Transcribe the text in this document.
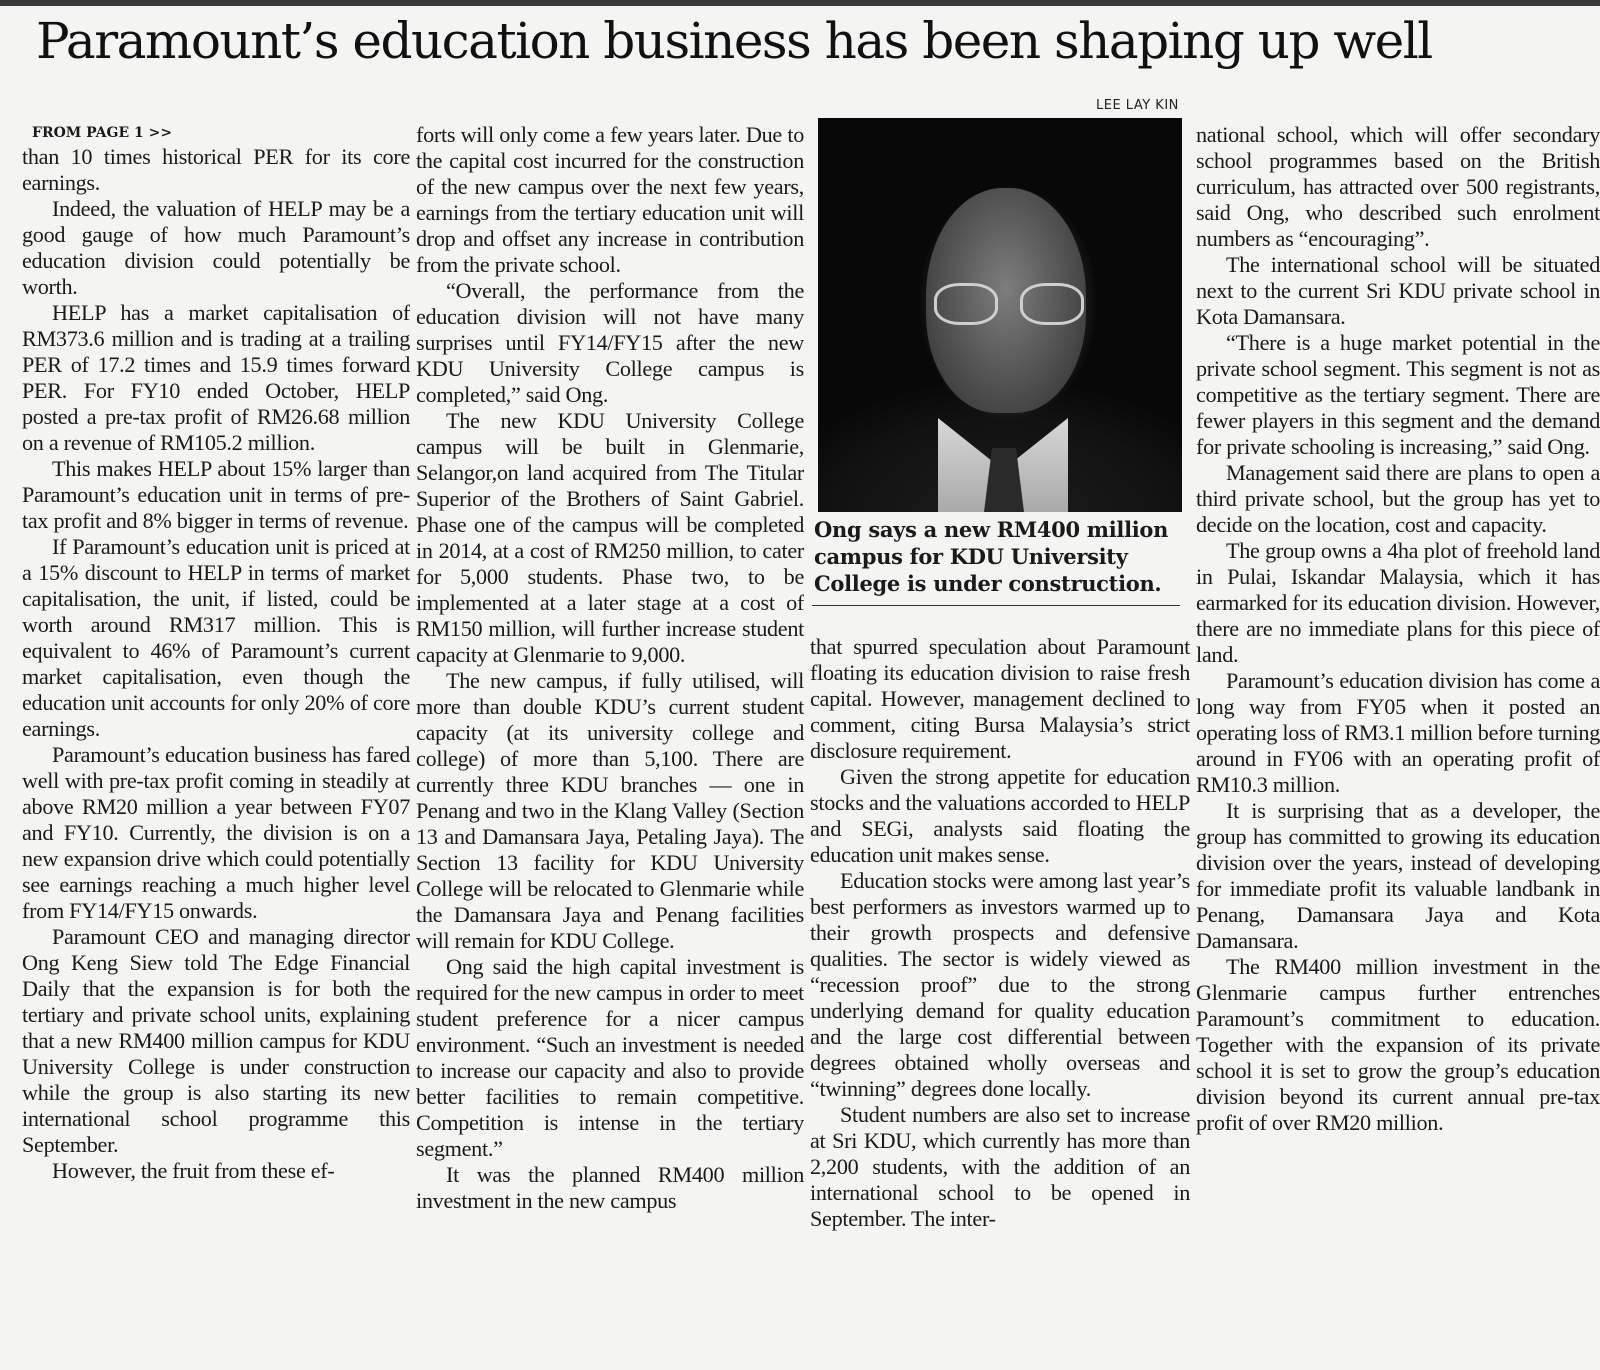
Paramount’s education business has been shaping up well
FROM PAGE 1 >>

than 10 times historical PER for its core earnings.

Indeed, the valuation of HELP may be a good gauge of how much Paramount’s education division could potentially be worth.

HELP has a market capitalisation of RM373.6 million and is trading at a trailing PER of 17.2 times and 15.9 times forward PER. For FY10 ended October, HELP posted a pre-tax profit of RM26.68 million on a revenue of RM105.2 million.

This makes HELP about 15% larger than Paramount’s education unit in terms of pre-tax profit and 8% bigger in terms of revenue.

If Paramount’s education unit is priced at a 15% discount to HELP in terms of market capitalisation, the unit, if listed, could be worth around RM317 million. This is equivalent to 46% of Paramount’s current market capitalisation, even though the education unit accounts for only 20% of core earnings.

Paramount’s education business has fared well with pre-tax profit coming in steadily at above RM20 million a year between FY07 and FY10. Currently, the division is on a new expansion drive which could potentially see earnings reaching a much higher level from FY14/FY15 onwards.

Paramount CEO and managing director Ong Keng Siew told The Edge Financial Daily that the expansion is for both the tertiary and private school units, explaining that a new RM400 million campus for KDU University College is under construction while the group is also starting its new international school programme this September.

However, the fruit from these ef-

forts will only come a few years later. Due to the capital cost incurred for the construction of the new campus over the next few years, earnings from the tertiary education unit will drop and offset any increase in contribution from the private school.

“Overall, the performance from the education division will not have many surprises until FY14/FY15 after the new KDU University College campus is completed,” said Ong.

The new KDU University College campus will be built in Glenmarie, Selangor,on land acquired from The Titular Superior of the Brothers of Saint Gabriel. Phase one of the campus will be completed in 2014, at a cost of RM250 million, to cater for 5,000 students. Phase two, to be implemented at a later stage at a cost of RM150 million, will further increase student capacity at Glenmarie to 9,000.

The new campus, if fully utilised, will more than double KDU’s current student capacity (at its university college and college) of more than 5,100. There are currently three KDU branches — one in Penang and two in the Klang Valley (Section 13 and Damansara Jaya, Petaling Jaya). The Section 13 facility for KDU University College will be relocated to Glenmarie while the Damansara Jaya and Penang facilities will remain for KDU College.

Ong said the high capital investment is required for the new campus in order to meet student preference for a nicer campus environment. “Such an investment is needed to increase our capacity and also to provide better facilities to remain competitive. Competition is intense in the tertiary segment.”

It was the planned RM400 million investment in the new campus

LEE LAY KIN
Ong says a new RM400 million campus for KDU University College is under construction.

that spurred speculation about Paramount floating its education division to raise fresh capital. However, management declined to comment, citing Bursa Malaysia’s strict disclosure requirement.

Given the strong appetite for education stocks and the valuations accorded to HELP and SEGi, analysts said floating the education unit makes sense.

Education stocks were among last year’s best performers as investors warmed up to their growth prospects and defensive qualities. The sector is widely viewed as “recession proof” due to the strong underlying demand for quality education and the large cost differential between degrees obtained wholly overseas and “twinning” degrees done locally.

Student numbers are also set to increase at Sri KDU, which currently has more than 2,200 students, with the addition of an international school to be opened in September. The inter-

national school, which will offer secondary school programmes based on the British curriculum, has attracted over 500 registrants, said Ong, who described such enrolment numbers as “encouraging”.

The international school will be situated next to the current Sri KDU private school in Kota Damansara.

“There is a huge market potential in the private school segment. This segment is not as competitive as the tertiary segment. There are fewer players in this segment and the demand for private schooling is increasing,” said Ong.

Management said there are plans to open a third private school, but the group has yet to decide on the location, cost and capacity.

The group owns a 4ha plot of freehold land in Pulai, Iskandar Malaysia, which it has earmarked for its education division. However, there are no immediate plans for this piece of land.

Paramount’s education division has come a long way from FY05 when it posted an operating loss of RM3.1 million before turning around in FY06 with an operating profit of RM10.3 million.

It is surprising that as a developer, the group has committed to growing its education division over the years, instead of developing for immediate profit its valuable landbank in Penang, Damansara Jaya and Kota Damansara.

The RM400 million investment in the Glenmarie campus further entrenches Paramount’s commitment to education. Together with the expansion of its private school it is set to grow the group’s education division beyond its current annual pre-tax profit of over RM20 million.
